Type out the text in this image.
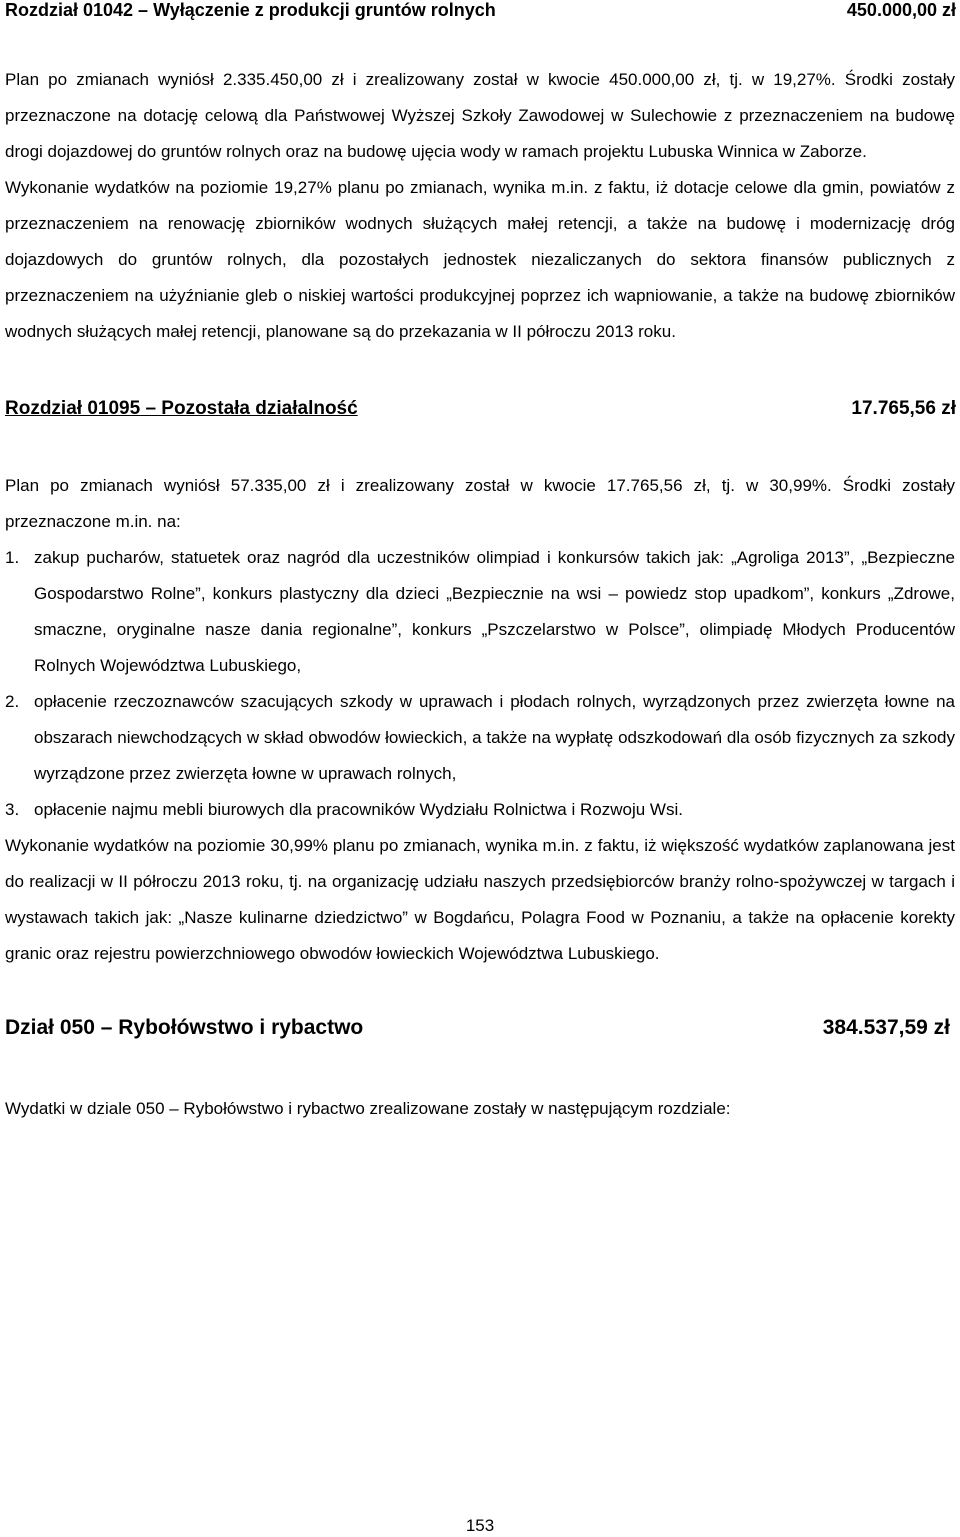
Rozdział 01042 – Wyłączenie z produkcji gruntów rolnych	450.000,00 zł
Plan po zmianach wyniósł 2.335.450,00 zł i zrealizowany został w kwocie 450.000,00 zł, tj. w 19,27%. Środki zostały przeznaczone na dotację celową dla Państwowej Wyższej Szkoły Zawodowej w Sulechowie z przeznaczeniem na budowę drogi dojazdowej do gruntów rolnych oraz na budowę ujęcia wody w ramach projektu Lubuska Winnica w Zaborze.
Wykonanie wydatków na poziomie 19,27% planu po zmianach, wynika m.in. z faktu, iż dotacje celowe dla gmin, powiatów z przeznaczeniem na renowację zbiorników wodnych służących małej retencji, a także na budowę i modernizację dróg dojazdowych do gruntów rolnych, dla pozostałych jednostek niezaliczanych do sektora finansów publicznych z przeznaczeniem na użyźnianie gleb o niskiej wartości produkcyjnej poprzez ich wapniowanie, a także na budowę zbiorników wodnych służących małej retencji, planowane są do przekazania w II półroczu 2013 roku.
Rozdział 01095 – Pozostała działalność	17.765,56 zł
Plan po zmianach wyniósł 57.335,00 zł i zrealizowany został w kwocie 17.765,56 zł, tj. w 30,99%. Środki zostały przeznaczone m.in. na:
1. zakup pucharów, statuetek oraz nagród dla uczestników olimpiad i konkursów takich jak: „Agroliga 2013”, „Bezpieczne Gospodarstwo Rolne”, konkurs plastyczny dla dzieci „Bezpiecznie na wsi – powiedz stop upadkom”, konkurs „Zdrowe, smaczne, oryginalne nasze dania regionalne”, konkurs „Pszczelarstwo w Polsce”, olimpiadę Młodych Producentów Rolnych Województwa Lubuskiego,
2. opłacenie rzeczoznawców szacujących szkody w uprawach i płodach rolnych, wyrządzonych przez zwierzęta łowne na obszarach niewchodzących w skład obwodów łowieckich, a także na wypłatę odszkodowań dla osób fizycznych za szkody wyrządzone przez zwierzęta łowne w uprawach rolnych,
3. opłacenie najmu mebli biurowych dla pracowników Wydziału Rolnictwa i Rozwoju Wsi.
Wykonanie wydatków na poziomie 30,99% planu po zmianach, wynika m.in. z faktu, iż większość wydatków zaplanowana jest do realizacji w II półroczu 2013 roku, tj. na organizację udziału naszych przedsiębiorców branży rolno-spożywczej w targach i wystawach takich jak: „Nasze kulinarne dziedzictwo” w Bogdańcu, Polagra Food w Poznaniu, a także na opłacenie korekty granic oraz rejestru powierzchniowego obwodów łowieckich Województwa Lubuskiego.
Dział 050 – Rybołówstwo i rybactwo	384.537,59 zł
Wydatki w dziale 050 – Rybołówstwo i rybactwo zrealizowane zostały w następującym rozdziale:
153
